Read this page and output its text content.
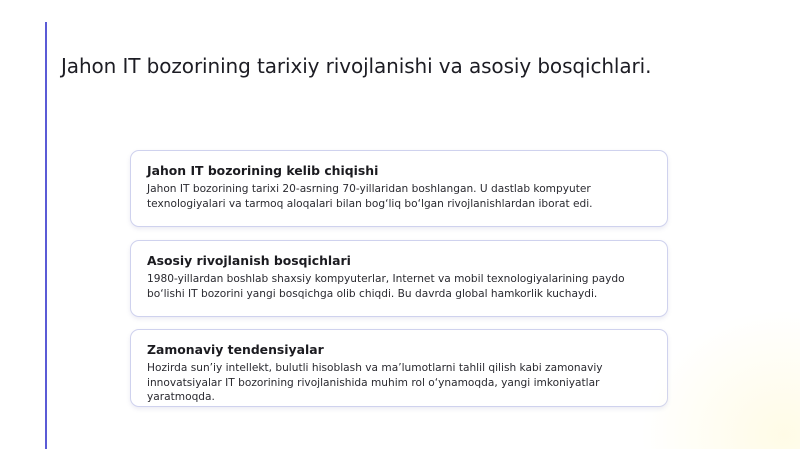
Jahon IT bozorining tarixiy rivojlanishi va asosiy bosqichlari.
Jahon IT bozorining kelib chiqishi

Jahon IT bozorining tarixi 20-asrning 70-yillaridan boshlangan. U dastlab kompyuter texnologiyalari va tarmoq aloqalari bilan bog‘liq bo‘lgan rivojlanishlardan iborat edi.

Asosiy rivojlanish bosqichlari

1980-yillardan boshlab shaxsiy kompyuterlar, Internet va mobil texnologiyalarining paydo bo‘lishi IT bozorini yangi bosqichga olib chiqdi. Bu davrda global hamkorlik kuchaydi.

Zamonaviy tendensiyalar

Hozirda sun’iy intellekt, bulutli hisoblash va ma’lumotlarni tahlil qilish kabi zamonaviy innovatsiyalar IT bozorining rivojlanishida muhim rol o‘ynamoqda, yangi imkoniyatlar yaratmoqda.
